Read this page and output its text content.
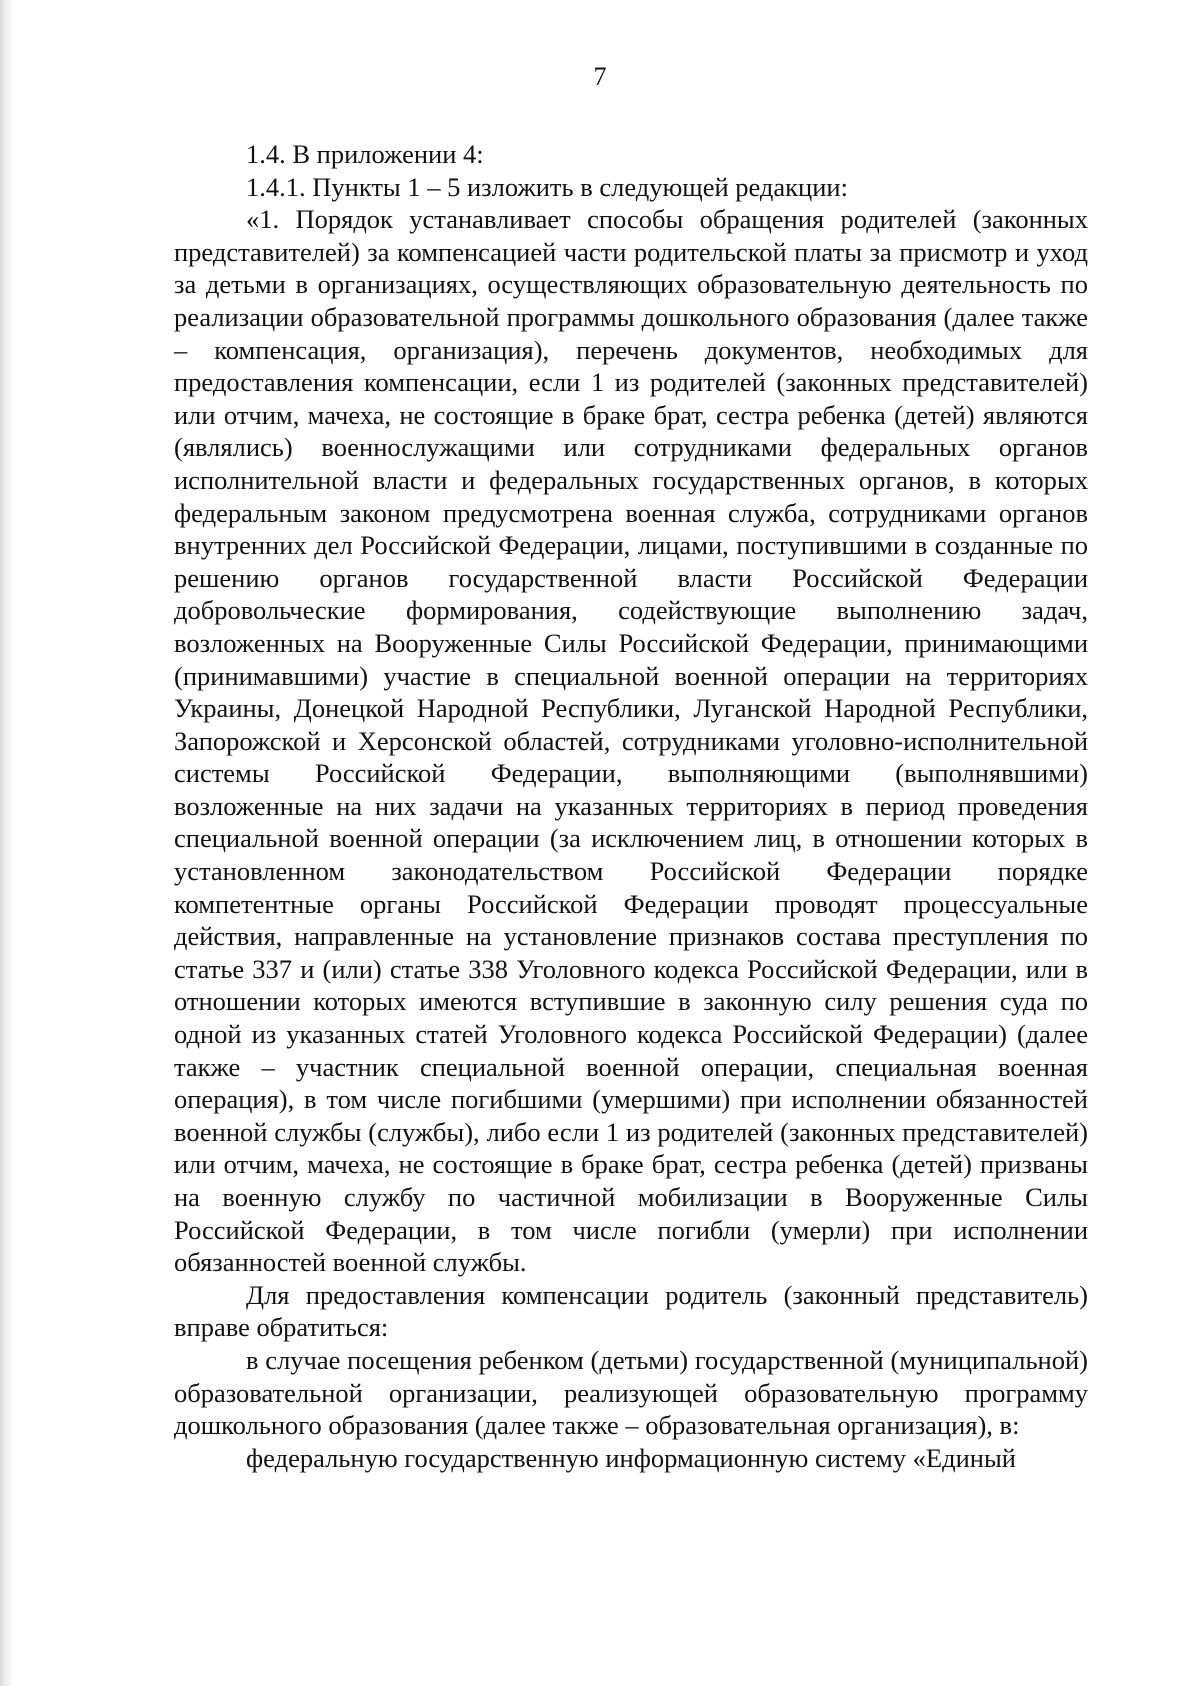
7

1.4. В приложении 4:

1.4.1. Пункты 1 – 5 изложить в следующей редакции:

«1. Порядок устанавливает способы обращения родителей (законных представителей) за компенсацией части родительской платы за присмотр и уход за детьми в организациях, осуществляющих образовательную деятельность по реализации образовательной программы дошкольного образования (далее также – компенсация, организация), перечень документов, необходимых для предоставления компенсации, если 1 из родителей (законных представителей) или отчим, мачеха, не состоящие в браке брат, сестра ребенка (детей) являются (являлись) военнослужащими или сотрудниками федеральных органов исполнительной власти и федеральных государственных органов, в которых федеральным законом предусмотрена военная служба, сотрудниками органов внутренних дел Российской Федерации, лицами, поступившими в созданные по решению органов государственной власти Российской Федерации добровольческие формирования, содействующие выполнению задач, возложенных на Вооруженные Силы Российской Федерации, принимающими (принимавшими) участие в специальной военной операции на территориях Украины, Донецкой Народной Республики, Луганской Народной Республики, Запорожской и Херсонской областей, сотрудниками уголовно-исполнительной системы Российской Федерации, выполняющими (выполнявшими) возложенные на них задачи на указанных территориях в период проведения специальной военной операции (за исключением лиц, в отношении которых в установленном законодательством Российской Федерации порядке компетентные органы Российской Федерации проводят процессуальные действия, направленные на установление признаков состава преступления по статье 337 и (или) статье 338 Уголовного кодекса Российской Федерации, или в отношении которых имеются вступившие в законную силу решения суда по одной из указанных статей Уголовного кодекса Российской Федерации) (далее также – участник специальной военной операции, специальная военная операция), в том числе погибшими (умершими) при исполнении обязанностей военной службы (службы), либо если 1 из родителей (законных представителей) или отчим, мачеха, не состоящие в браке брат, сестра ребенка (детей) призваны на военную службу по частичной мобилизации в Вооруженные Силы Российской Федерации, в том числе погибли (умерли) при исполнении обязанностей военной службы.

Для предоставления компенсации родитель (законный представитель) вправе обратиться:

в случае посещения ребенком (детьми) государственной (муниципальной) образовательной организации, реализующей образовательную программу дошкольного образования (далее также – образовательная организация), в:

федеральную государственную информационную систему «Единый
